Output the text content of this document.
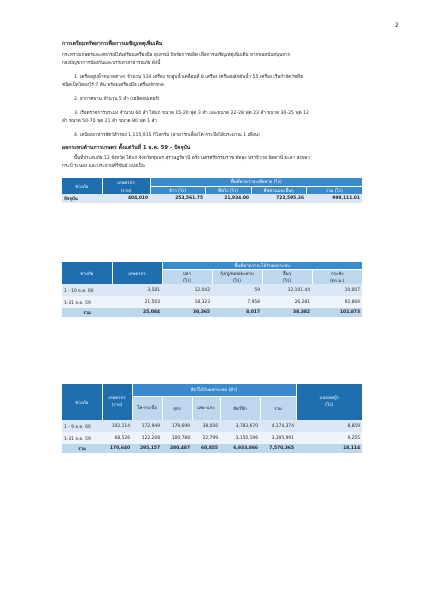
2
การเตรียมทรัพยากรเพื่อการเผชิญเหตุเพิ่มเติม
กระทรวงเกษตรและสหกรณ์ได้เตรียมเครื่องมือ อุปกรณ์ ปัจจัยการผลิต เพื่อการเผชิญเหตุเพิ่มเติม หากขอสนับสนุนจาก
กองบัญชาการป้องกันและบรรเทาสาธารณภัย ดังนี้
1. เครื่องสูบน้ำขนาดต่างๆ จำนวน 134 เครื่อง รถสูบน้ำเคลื่อนที่ 8 เครื่อง เครื่องผลักดันน้ำ 55 เครื่อง เรือกำจัดวัชพืช
ชนิดเบ็ดโดยงไร้ 7 คัน พร้อมเครื่องมือ เครื่องจักรกล
2. อากาศยาน จำนวน 5 ลำ (เฮลิคอปเตอร์)
3. เรือตรวจการประมง จำนวน 60 ลำ ได้แก่ ขนาด 15-20 ฟุต 3 ลำ และขนาด 22-28 ฟุต 23 ลำ ขนาด 30-25 ฟุต 12
ลำ ขนาด 50-70 ฟุต 21 ลำ ขนาด 80 ฟุต 1 ลำ
4. เสบียงอาหารสัตว์สำรอง 1,115,915 กิโลกรัม (สามารถเลี้ยงโค-กระบือได้ประมาณ 1 เดือน)
ผลกระทบด้านการเกษตร ตั้งแต่วันที่ 1 ธ.ค. 59 – ปัจจุบัน
พื้นที่ประสบภัย 12 จังหวัด ได้แก่ จังหวัดชุมพร สุราษฎร์ธานี ตรัง นครศรีธรรมราช พัทลุง นราธิวาส ปัตตานี ยะลา สงขลา
กระบี่ ระนอง และประจวบคีรีขันธ์ แบ่งเป็น
ช่วงภัย	เกษตรกร	พื้นที่คาดว่าจะเสียหาย (ไร่)			
	(ราย)	ข้าว (ไร่)	พืชไร่ (ไร่)	พืชสวนและอื่นๆ	รวม (ไร่)
ปัจจุบัน	404,010	253,561.75	21,934.00	723,595.26	999,111.01
ช่วงภัย	เกษตรกร	พื้นที่คาดว่าจะได้รับผลกระทบ			
		ปลา	กุ้ง/ปู/หอย/ตะพาบ	อื่นๆ	กระชัง
		(ไร่)	(ไร่)	(ไร่)	(ตร.ม.)
1 - 10 ธ.ค. 60	3,581	12,042	59	12,101.44	10,007
1-31 ธ.ค. 59	21,503	18,323	7,958	26,281	92,866
รวม	25,084	30,365	8,017	38,382	102,873
ช่วงภัย	เกษตรกร
(ราย)	สัตว์ได้รับผลกระทบ (ตัว)					แปลงหญ้า
(ไร่)
		โค-กระบือ	สุกร	แพะ-แกะ	สัตว์ปีก	รวม	
1 - 9 ธ.ค. 60	102,114	172,949	179,699	38,056	3,783,670	4,174,374	8,859
1-31 ธ.ค. 59	68,526	122,208	100,788	22,799	3,150,196	3,395,991	9,255
รวม	170,640	295,157	280,487	60,855	6,933,866	7,570,365	18,114
